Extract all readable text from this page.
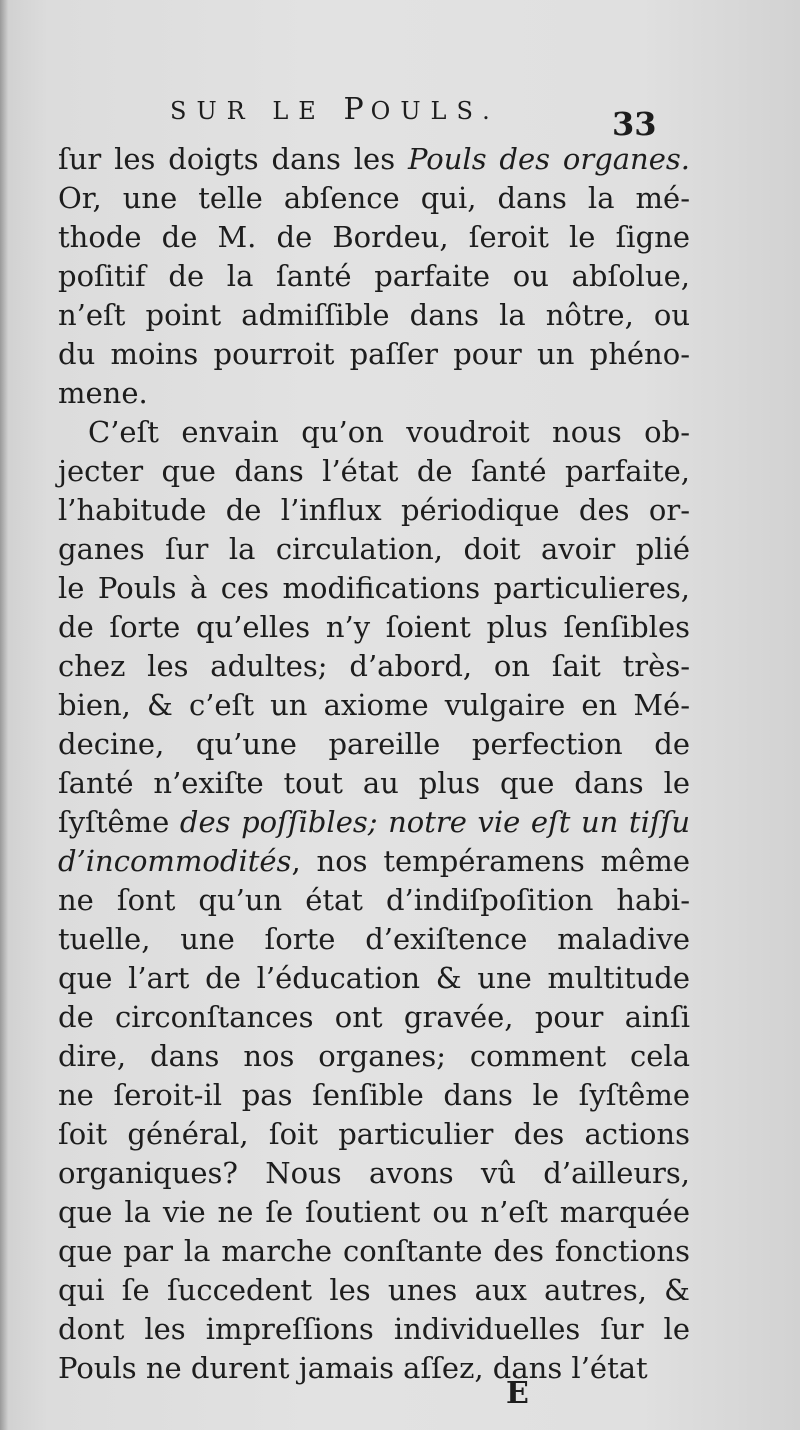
SUR LE POULS.	33
ſur les doigts dans les Pouls des organes.
Or, une telle abſence qui, dans la mé-
thode de M. de Bordeu, ſeroit le ſigne
poſitif de la ſanté parfaite ou abſolue,
n’eſt point admiſſible dans la nôtre, ou
du moins pourroit paſſer pour un phéno-
mene.
C’eſt envain qu’on voudroit nous ob-
jecter que dans l’état de ſanté parfaite,
l’habitude de l’influx périodique des or-
ganes ſur la circulation, doit avoir plié
le Pouls à ces modifications particulieres,
de ſorte qu’elles n’y ſoient plus ſenſibles
chez les adultes; d’abord, on ſait très-
bien, & c’eſt un axiome vulgaire en Mé-
decine, qu’une pareille perfection de
ſanté n’exiſte tout au plus que dans le
ſyſtême des poſſibles; notre vie eſt un tiſſu
d’incommodités, nos tempéramens même
ne ſont qu’un état d’indiſpoſition habi-
tuelle, une ſorte d’exiſtence maladive
que l’art de l’éducation & une multitude
de circonſtances ont gravée, pour ainſi
dire, dans nos organes; comment cela
ne ſeroit-il pas ſenſible dans le ſyſtême
ſoit général, ſoit particulier des actions
organiques? Nous avons vû d’ailleurs,
que la vie ne ſe ſoutient ou n’eſt marquée
que par la marche conſtante des fonctions
qui ſe ſuccedent les unes aux autres, &
dont les impreſſions individuelles ſur le
Pouls ne durent jamais aſſez, dans l’état
E
